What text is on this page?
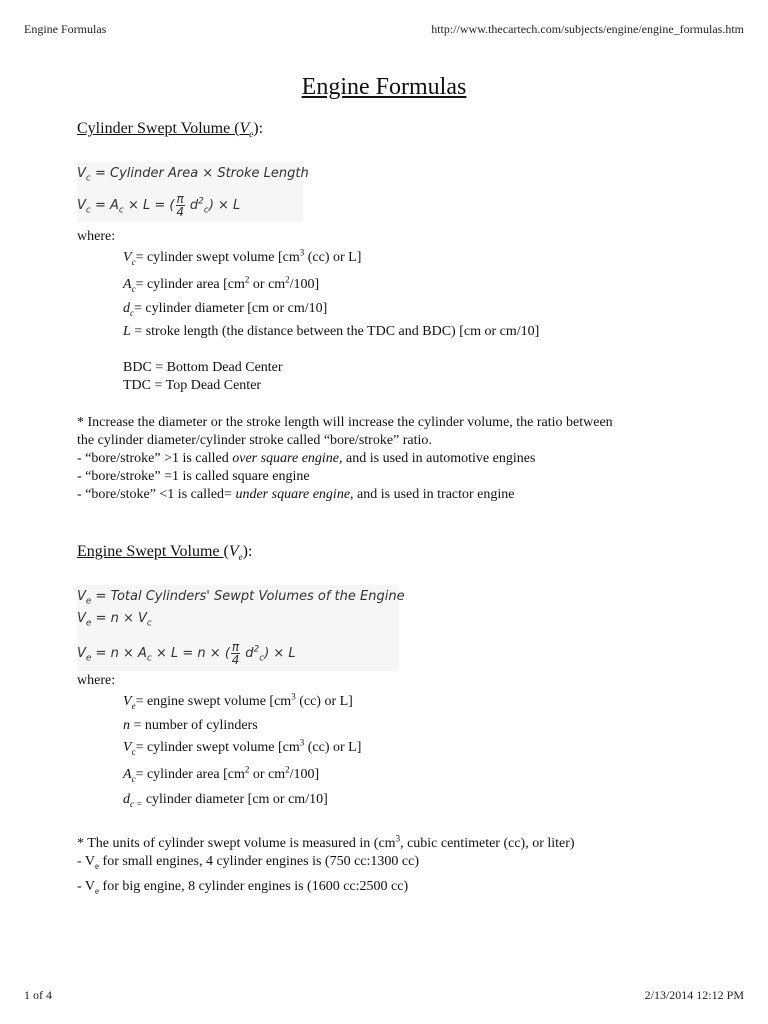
Engine Formulas	http://www.thecartech.com/subjects/engine/engine_formulas.htm
Engine Formulas
Cylinder Swept Volume $(V_c)$:
$V_c$ = Cylinder Area × Stroke Length
$V_c = A_c \times L$ = ( $\frac{\pi}{4} d^2_c) \times L$
where:
$V_c=$ cylinder swept volume [$cm^3$ (cc) or L]
$A_c=$ cylinder area [$cm^2$ or $cm^2/100$]
$d_c=$ cylinder diameter [cm or cm/10]
L = stroke length (the distance between the TDC and BDC) [cm or cm/10]
BDC = Bottom Dead Center
TDC = Top Dead Center
* Increase the diameter or the stroke length will increase the cylinder volume, the ratio between
the cylinder diameter/cylinder stroke called “bore/stroke” ratio.
- “bore/stroke” >1 is called over square engine, and is used in automotive engines
- “bore/stroke” =1 is called square engine
- “bore/stoke” <1 is called= under square engine, and is used in tractor engine
Engine Swept Volume $(V_e)$:
$V_e$ = Total Cylinders' Sewpt Volumes of the Engine
$V_e = n \times V_c$
$V_e = n \times A_c \times L = n$ × ( $\frac{\pi}{4} d^2_c) \times L$
where:
$V_e=$ engine swept volume [$cm^3$ (cc) or L]
n = number of cylinders
$V_c=$ cylinder swept volume [$cm^3$ (cc) or L]
$A_c=$ cylinder area [$cm^2$ or $cm^2/100$]
$d_{c =}$ cylinder diameter [cm or cm/10]
* The units of cylinder swept volume is measured in ($cm^3$, cubic centimeter (cc), or liter)
- $V_e$ for small engines, 4 cylinder engines is (750 cc:1300 cc)
- $V_e$ for big engine, 8 cylinder engines is (1600 cc:2500 cc)
1 of 4	2/13/2014 12:12 PM
